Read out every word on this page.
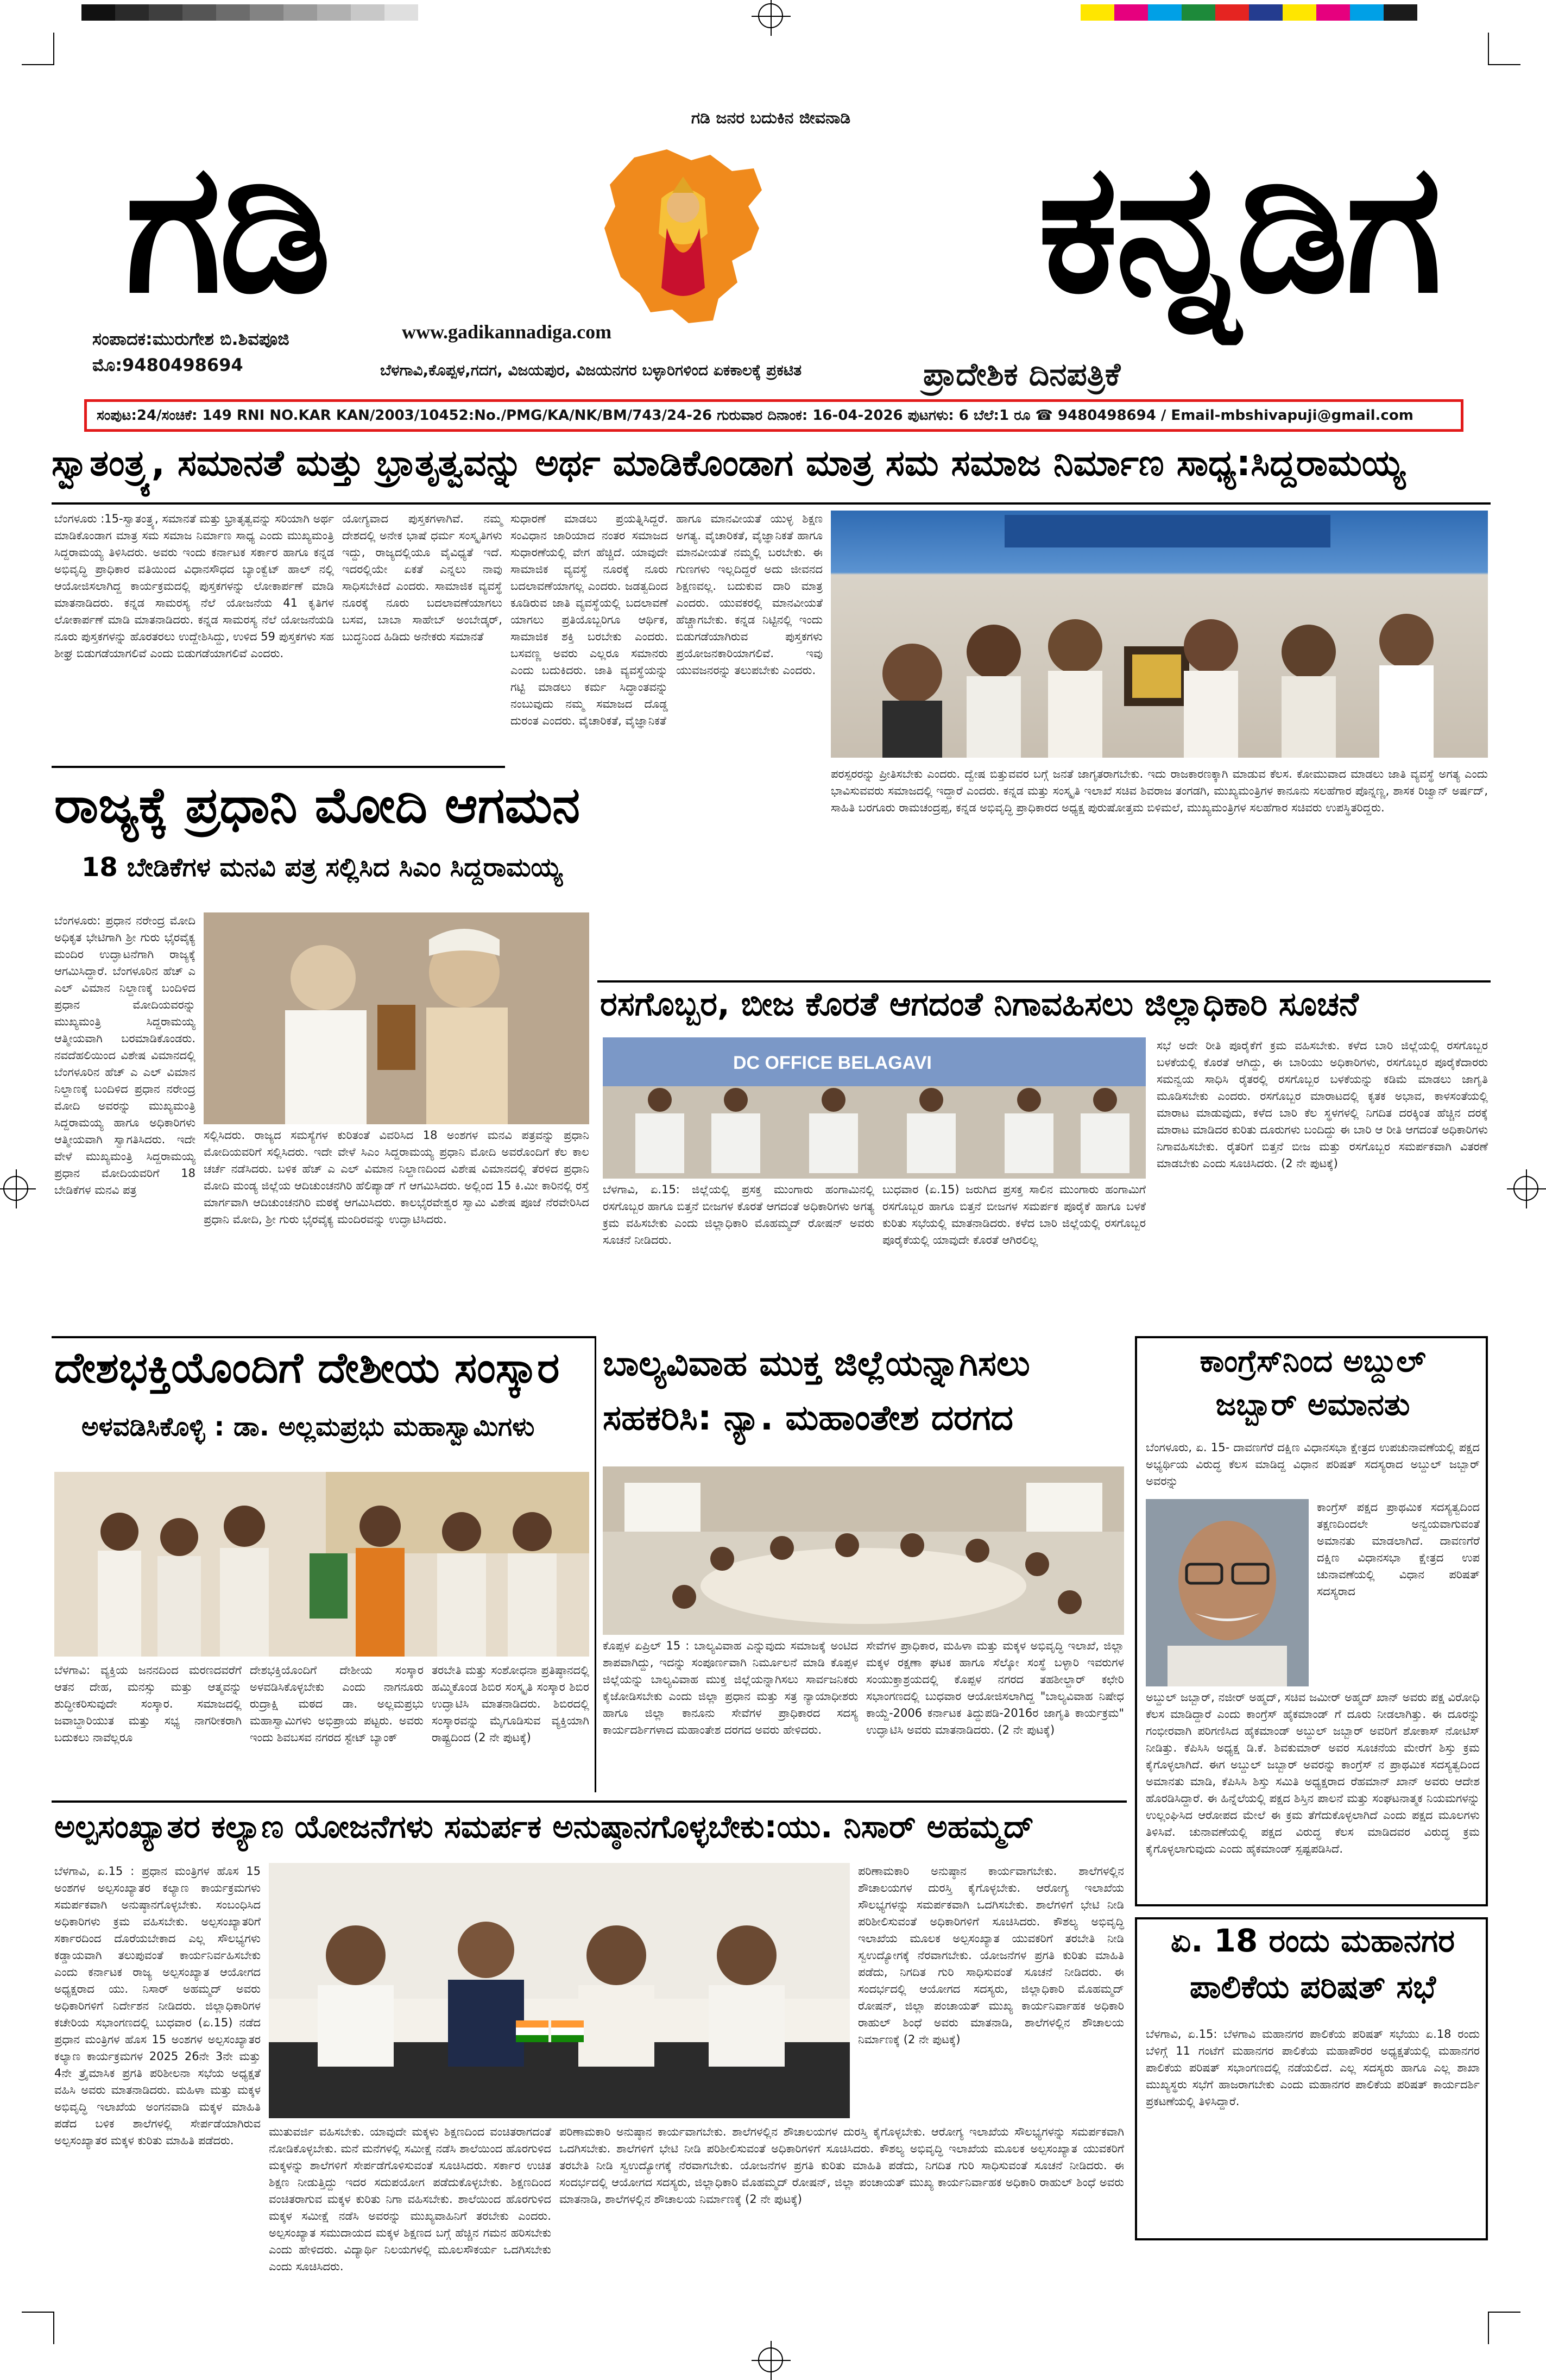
ಗಡಿ ಜನರ ಬದುಕಿನ ಜೀವನಾಡಿ
ಗಡಿ	ಕನ್ನಡಿಗ
ಸಂಪಾದಕ:ಮುರುಗೇಶ ಬಿ.ಶಿವಪೂಜಿ
ಮೊ:9480498694
www.gadikannadiga.com
ಬೆಳಗಾವಿ,ಕೊಪ್ಪಳ,ಗದಗ, ವಿಜಯಪುರ, ವಿಜಯನಗರ ಬಳ್ಳಾರಿಗಳಿಂದ ಏಕಕಾಲಕ್ಕೆ ಪ್ರಕಟಿತ	ಪ್ರಾದೇಶಿಕ ದಿನಪತ್ರಿಕೆ
ಸಂಪುಟ:24/ಸಂಚಿಕೆ: 149 RNI NO.KAR KAN/2003/10452:No./PMG/KA/NK/BM/743/24-26 ಗುರುವಾರ ದಿನಾಂಕ: 16-04-2026 ಪುಟಗಳು: 6 ಬೆಲೆ:1 ರೂ ☎ 9480498694 / Email-mbshivapuji@gmail.com
ಸ್ವಾತಂತ್ರ್ಯ, ಸಮಾನತೆ ಮತ್ತು ಭ್ರಾತೃತ್ವವನ್ನು ಅರ್ಥ ಮಾಡಿಕೊಂಡಾಗ ಮಾತ್ರ ಸಮ ಸಮಾಜ ನಿರ್ಮಾಣ ಸಾಧ್ಯ:ಸಿದ್ದರಾಮಯ್ಯ
ಬೆಂಗಳೂರು :15-ಸ್ವಾತಂತ್ರ್ಯ, ಸಮಾನತೆ ಮತ್ತು ಭ್ರಾತೃತ್ವವನ್ನು ಸರಿಯಾಗಿ ಅರ್ಥ ಮಾಡಿಕೊಂಡಾಗ ಮಾತ್ರ ಸಮ ಸಮಾಜ ನಿರ್ಮಾಣ ಸಾಧ್ಯ ಎಂದು ಮುಖ್ಯಮಂತ್ರಿ ಸಿದ್ದರಾಮಯ್ಯ ತಿಳಿಸಿದರು. ಅವರು ಇಂದು ಕರ್ನಾಟಕ ಸರ್ಕಾರ ಹಾಗೂ ಕನ್ನಡ ಅಭಿವೃದ್ಧಿ ಪ್ರಾಧಿಕಾರ ವತಿಯಿಂದ ವಿಧಾನಸೌಧದ ಬ್ಯಾಂಕ್ವೆಟ್ ಹಾಲ್ ನಲ್ಲಿ ಆಯೋಜಿಸಲಾಗಿದ್ದ ಕಾರ್ಯಕ್ರಮದಲ್ಲಿ ಪುಸ್ತಕಗಳನ್ನು ಲೋಕಾರ್ಪಣೆ ಮಾಡಿ ಮಾತನಾಡಿದರು. ಕನ್ನಡ ಸಾಮರಸ್ಯ ನೆಲೆ ಯೋಜನೆಯ 41 ಕೃತಿಗಳ ಲೋಕಾರ್ಪಣೆ ಮಾಡಿ ಮಾತನಾಡಿದರು. ಕನ್ನಡ ಸಾಮರಸ್ಯ ನೆಲೆ ಯೋಜನೆಯಡಿ ನೂರು ಪುಸ್ತಕಗಳನ್ನು ಹೊರತರಲು ಉದ್ದೇಶಿಸಿದ್ದು, ಉಳಿದ 59 ಪುಸ್ತಕಗಳು ಸಹ ಶೀಘ್ರ ಬಿಡುಗಡೆಯಾಗಲಿವೆ ಎಂದು ಬಿಡುಗಡೆಯಾಗಲಿವೆ ಎಂದರು.
ಯೋಗ್ಯವಾದ ಪುಸ್ತಕಗಳಾಗಿವೆ. ನಮ್ಮ ದೇಶದಲ್ಲಿ ಅನೇಕ ಭಾಷೆ ಧರ್ಮ ಸಂಸ್ಕೃತಿಗಳು ಇದ್ದು, ರಾಜ್ಯದಲ್ಲಿಯೂ ವೈವಿಧ್ಯತೆ ಇದೆ. ಇದರಲ್ಲಿಯೇ ಏಕತೆ ಎನ್ನಲು ನಾವು ಸಾಧಿಸಬೇಕಿದೆ ಎಂದರು. ಸಾಮಾಜಿಕ ವ್ಯವಸ್ಥೆ ನೂರಕ್ಕೆ ನೂರು ಬದಲಾವಣೆಯಾಗಲು ಬಸವ, ಬಾಬಾ ಸಾಹೇಬ್ ಅಂಬೇಡ್ಕರ್, ಬುದ್ಧನಿಂದ ಹಿಡಿದು ಅನೇಕರು ಸಮಾನತೆ
ಸುಧಾರಣೆ ಮಾಡಲು ಪ್ರಯತ್ನಿಸಿದ್ದರೆ. ಸಂವಿಧಾನ ಜಾರಿಯಾದ ನಂತರ ಸಮಾಜದ ಸುಧಾರಣೆಯಲ್ಲಿ ವೇಗ ಹೆಚ್ಚಿದೆ. ಯಾವುದೇ ಸಾಮಾಜಿಕ ವ್ಯವಸ್ಥೆ ನೂರಕ್ಕೆ ನೂರು ಬದಲಾವಣೆಯಾಗಲ್ಲ ಎಂದರು. ಜಡತ್ವದಿಂದ ಕೂಡಿರುವ ಜಾತಿ ವ್ಯವಸ್ಥೆಯಲ್ಲಿ ಬದಲಾವಣೆ ಯಾಗಲು ಪ್ರತಿಯೊಬ್ಬರಿಗೂ ಆರ್ಥಿಕ, ಸಾಮಾಜಿಕ ಶಕ್ತಿ ಬರಬೇಕು ಎಂದರು. ಬಸವಣ್ಣ ಅವರು ಎಲ್ಲರೂ ಸಮಾನರು ಎಂದು ಬದುಕಿದರು. ಜಾತಿ ವ್ಯವಸ್ಥೆಯನ್ನು ಗಟ್ಟಿ ಮಾಡಲು ಕರ್ಮ ಸಿದ್ಧಾಂತವನ್ನು ನಂಬುವುದು ನಮ್ಮ ಸಮಾಜದ ದೊಡ್ಡ ದುರಂತ ಎಂದರು. ವೈಚಾರಿಕತೆ, ವೈಜ್ಞಾನಿಕತೆ
ಹಾಗೂ ಮಾನವೀಯತೆ ಯುಳ್ಳ ಶಿಕ್ಷಣ ಅಗತ್ಯ. ವೈಚಾರಿಕತೆ, ವೈಜ್ಞಾನಿಕತೆ ಹಾಗೂ ಮಾನವೀಯತೆ ನಮ್ಮಲ್ಲಿ ಬರಬೇಕು. ಈ ಗುಣಗಳು ಇಲ್ಲದಿದ್ದರೆ ಅದು ಜೀವನದ ಶಿಕ್ಷಣವಲ್ಲ. ಬದುಕುವ ದಾರಿ ಮಾತ್ರ ಎಂದರು. ಯುವಕರಲ್ಲಿ ಮಾನವೀಯತೆ ಹೆಚ್ಚಾಗಬೇಕು. ಕನ್ನಡ ನಿಟ್ಟಿನಲ್ಲಿ ಇಂದು ಬಿಡುಗಡೆಯಾಗಿರುವ ಪುಸ್ತಕಗಳು ಪ್ರಯೋಜನಕಾರಿಯಾಗಲಿವೆ. ಇವು ಯುವಜನರನ್ನು ತಲುಪಬೇಕು ಎಂದರು.
ಪರಸ್ಪರರನ್ನು ಪ್ರೀತಿಸಬೇಕು ಎಂದರು. ದ್ವೇಷ ಬಿತ್ತುವವರ ಬಗ್ಗೆ ಜನತೆ ಜಾಗೃತರಾಗಬೇಕು. ಇದು ರಾಜಕಾರಣಕ್ಕಾಗಿ ಮಾಡುವ ಕೆಲಸ. ಕೋಮುವಾದ ಮಾಡಲು ಜಾತಿ ವ್ಯವಸ್ಥೆ ಅಗತ್ಯ ಎಂದು ಭಾವಿಸುವವರು ಸಮಾಜದಲ್ಲಿ ಇದ್ದಾರೆ ಎಂದರು. ಕನ್ನಡ ಮತ್ತು ಸಂಸ್ಕೃತಿ ಇಲಾಖೆ ಸಚಿವ ಶಿವರಾಜ ತಂಗಡಗಿ, ಮುಖ್ಯಮಂತ್ರಿಗಳ ಕಾನೂನು ಸಲಹೆಗಾರ ಪೊನ್ನಣ್ಣ, ಶಾಸಕ ರಿಜ್ವಾನ್ ಅರ್ಷದ್, ಸಾಹಿತಿ ಬರಗೂರು ರಾಮಚಂದ್ರಪ್ಪ, ಕನ್ನಡ ಅಭಿವೃದ್ಧಿ ಪ್ರಾಧಿಕಾರದ ಅಧ್ಯಕ್ಷ ಪುರುಷೋತ್ತಮ ಬಿಳಿಮಲೆ, ಮುಖ್ಯಮಂತ್ರಿಗಳ ಸಲಹೆಗಾರ ಸಚಿವರು ಉಪಸ್ಥಿತರಿದ್ದರು.
ರಾಜ್ಯಕ್ಕೆ ಪ್ರಧಾನಿ ಮೋದಿ ಆಗಮನ
18 ಬೇಡಿಕೆಗಳ ಮನವಿ ಪತ್ರ ಸಲ್ಲಿಸಿದ ಸಿಎಂ ಸಿದ್ದರಾಮಯ್ಯ
ಬೆಂಗಳೂರು: ಪ್ರಧಾನ ನರೇಂದ್ರ ಮೋದಿ ಅಧಿಕೃತ ಭೇಟಿಗಾಗಿ ಶ್ರೀ ಗುರು ಭೈರವೈಕ್ಯ ಮಂದಿರ ಉದ್ಘಾಟನೆಗಾಗಿ ರಾಜ್ಯಕ್ಕೆ ಆಗಮಿಸಿದ್ದಾರೆ. ಬೆಂಗಳೂರಿನ ಹೆಚ್ ಎ ಎಲ್ ವಿಮಾನ ನಿಲ್ದಾಣಕ್ಕೆ ಬಂದಿಳಿದ ಪ್ರಧಾನ ಮೋದಿಯವರನ್ನು ಮುಖ್ಯಮಂತ್ರಿ ಸಿದ್ದರಾಮಯ್ಯ ಆತ್ಮೀಯವಾಗಿ ಬರಮಾಡಿಕೊಂಡರು. ನವದೆಹಲಿಯಿಂದ ವಿಶೇಷ ವಿಮಾನದಲ್ಲಿ ಬೆಂಗಳೂರಿನ ಹೆಚ್ ಎ ಎಲ್ ವಿಮಾನ ನಿಲ್ದಾಣಕ್ಕೆ ಬಂದಿಳಿದ ಪ್ರಧಾನ ನರೇಂದ್ರ ಮೋದಿ ಅವರನ್ನು ಮುಖ್ಯಮಂತ್ರಿ ಸಿದ್ದರಾಮಯ್ಯ ಹಾಗೂ ಅಧಿಕಾರಿಗಳು ಆತ್ಮೀಯವಾಗಿ ಸ್ವಾಗತಿಸಿದರು. ಇದೇ ವೇಳೆ ಮುಖ್ಯಮಂತ್ರಿ ಸಿದ್ದರಾಮಯ್ಯ ಪ್ರಧಾನ ಮೋದಿಯವರಿಗೆ 18 ಬೇಡಿಕೆಗಳ ಮನವಿ ಪತ್ರ
ಸಲ್ಲಿಸಿದರು. ರಾಜ್ಯದ ಸಮಸ್ಯೆಗಳ ಕುರಿತಂತೆ ವಿವರಿಸಿದ 18 ಅಂಶಗಳ ಮನವಿ ಪತ್ರವನ್ನು ಪ್ರಧಾನಿ ಮೋದಿಯವರಿಗೆ ಸಲ್ಲಿಸಿದರು. ಇದೇ ವೇಳೆ ಸಿಎಂ ಸಿದ್ದರಾಮಯ್ಯ ಪ್ರಧಾನಿ ಮೋದಿ ಅವರೊಂದಿಗೆ ಕೆಲ ಕಾಲ ಚರ್ಚೆ ನಡೆಸಿದರು. ಬಳಿಕ ಹೆಚ್ ಎ ಎಲ್ ವಿಮಾನ ನಿಲ್ದಾಣದಿಂದ ವಿಶೇಷ ವಿಮಾನದಲ್ಲಿ ತೆರಳಿದ ಪ್ರಧಾನಿ ಮೋದಿ ಮಂಡ್ಯ ಜಿಲ್ಲೆಯ ಆದಿಚುಂಚನಗಿರಿ ಹೆಲಿಪ್ಯಾಡ್ ಗೆ ಆಗಮಿಸಿದರು. ಅಲ್ಲಿಂದ 15 ಕಿ.ಮೀ ಕಾರಿನಲ್ಲಿ ರಸ್ತೆ ಮಾರ್ಗವಾಗಿ ಆದಿಚುಂಚನಗಿರಿ ಮಠಕ್ಕೆ ಆಗಮಿಸಿದರು. ಕಾಲಭೈರವೇಶ್ವರ ಸ್ವಾಮಿ ವಿಶೇಷ ಪೂಜೆ ನೆರವೇರಿಸಿದ ಪ್ರಧಾನಿ ಮೋದಿ, ಶ್ರೀ ಗುರು ಭೈರವೈಕ್ಯ ಮಂದಿರವನ್ನು ಉದ್ಘಾಟಿಸಿದರು.
ರಸಗೊಬ್ಬರ, ಬೀಜ ಕೊರತೆ ಆಗದಂತೆ ನಿಗಾವಹಿಸಲು ಜಿಲ್ಲಾಧಿಕಾರಿ ಸೂಚನೆ
DC OFFICE BELAGAVI
ಬೆಳಗಾವಿ, ಏ.15: ಜಿಲ್ಲೆಯಲ್ಲಿ ಪ್ರಸಕ್ತ ಮುಂಗಾರು ಹಂಗಾಮಿನಲ್ಲಿ ರಸಗೊಬ್ಬರ ಹಾಗೂ ಬಿತ್ತನೆ ಬೀಜಗಳ ಕೊರತೆ ಆಗದಂತೆ ಅಧಿಕಾರಿಗಳು ಅಗತ್ಯ ಕ್ರಮ ವಹಿಸಬೇಕು ಎಂದು ಜಿಲ್ಲಾಧಿಕಾರಿ ಮೊಹಮ್ಮದ್ ರೋಷನ್ ಅವರು ಸೂಚನೆ ನೀಡಿದರು.
ಬುಧವಾರ (ಏ.15) ಜರುಗಿದ ಪ್ರಸಕ್ತ ಸಾಲಿನ ಮುಂಗಾರು ಹಂಗಾಮಿಗೆ ರಸಗೊಬ್ಬರ ಹಾಗೂ ಬಿತ್ತನೆ ಬೀಜಗಳ ಸಮರ್ಪಕ ಪೂರೈಕೆ ಹಾಗೂ ಬಳಕೆ ಕುರಿತು ಸಭೆಯಲ್ಲಿ ಮಾತನಾಡಿದರು. ಕಳೆದ ಬಾರಿ ಜಿಲ್ಲೆಯಲ್ಲಿ ರಸಗೊಬ್ಬರ ಪೂರೈಕೆಯಲ್ಲಿ ಯಾವುದೇ ಕೊರತೆ ಆಗಿರಲಿಲ್ಲ
ಸಭೆ ಅದೇ ರೀತಿ ಪೂರೈಕೆಗೆ ಕ್ರಮ ವಹಿಸಬೇಕು. ಕಳೆದ ಬಾರಿ ಜಿಲ್ಲೆಯಲ್ಲಿ ರಸಗೊಬ್ಬರ ಬಳಕೆಯಲ್ಲಿ ಕೊರತೆ ಆಗಿದ್ದು, ಈ ಬಾರಿಯು ಅಧಿಕಾರಿಗಳು, ರಸಗೊಬ್ಬರ ಪೂರೈಕೆದಾರರು ಸಮನ್ವಯ ಸಾಧಿಸಿ ರೈತರಲ್ಲಿ ರಸಗೊಬ್ಬರ ಬಳಕೆಯನ್ನು ಕಡಿಮೆ ಮಾಡಲು ಜಾಗೃತಿ ಮೂಡಿಸಬೇಕು ಎಂದರು. ರಸಗೊಬ್ಬರ ಮಾರಾಟದಲ್ಲಿ ಕೃತಕ ಅಭಾವ, ಕಾಳಸಂತೆಯಲ್ಲಿ ಮಾರಾಟ ಮಾಡುವುದು, ಕಳೆದ ಬಾರಿ ಕೆಲ ಸ್ಥಳಗಳಲ್ಲಿ ನಿಗದಿತ ದರಕ್ಕಿಂತ ಹೆಚ್ಚಿನ ದರಕ್ಕೆ ಮಾರಾಟ ಮಾಡಿದರ ಕುರಿತು ದೂರುಗಳು ಬಂದಿದ್ದು ಈ ಬಾರಿ ಆ ರೀತಿ ಆಗದಂತೆ ಅಧಿಕಾರಿಗಳು ನಿಗಾವಹಿಸಬೇಕು. ರೈತರಿಗೆ ಬಿತ್ತನೆ ಬೀಜ ಮತ್ತು ರಸಗೊಬ್ಬರ ಸಮರ್ಪಕವಾಗಿ ವಿತರಣೆ ಮಾಡಬೇಕು ಎಂದು ಸೂಚಿಸಿದರು. (2 ನೇ ಪುಟಕ್ಕೆ)
ದೇಶಭಕ್ತಿಯೊಂದಿಗೆ ದೇಶೀಯ ಸಂಸ್ಕಾರ
ಅಳವಡಿಸಿಕೊಳ್ಳಿ : ಡಾ. ಅಲ್ಲಮಪ್ರಭು ಮಹಾಸ್ವಾಮಿಗಳು
ಬೆಳಗಾವಿ: ವ್ಯಕ್ತಿಯ ಜನನದಿಂದ ಮರಣದವರೆಗೆ ಆತನ ದೇಹ, ಮನಸ್ಸು ಮತ್ತು ಆತ್ಮವನ್ನು ಶುದ್ಧೀಕರಿಸುವುದೇ ಸಂಸ್ಕಾರ. ಸಮಾಜದಲ್ಲಿ ಜವಾಬ್ದಾರಿಯುತ ಮತ್ತು ಸಭ್ಯ ನಾಗರೀಕರಾಗಿ ಬದುಕಲು ನಾವೆಲ್ಲರೂ
ದೇಶಭಕ್ತಿಯೊಂದಿಗೆ ದೇಶೀಯ ಸಂಸ್ಕಾರ ಅಳವಡಿಸಿಕೊಳ್ಳಬೇಕು ಎಂದು ನಾಗನೂರು ರುದ್ರಾಕ್ಷಿ ಮಠದ ಡಾ. ಅಲ್ಲಮಪ್ರಭು ಮಹಾಸ್ವಾಮಿಗಳು ಅಭಿಪ್ರಾಯ ಪಟ್ಟರು. ಅವರು ಇಂದು ಶಿವಬಸವ ನಗರದ ಸ್ಟೇಟ್ ಬ್ಯಾಂಕ್
ತರಬೇತಿ ಮತ್ತು ಸಂಶೋಧನಾ ಪ್ರತಿಷ್ಠಾನದಲ್ಲಿ ಹಮ್ಮಿಕೊಂಡ ಶಿಬಿರ ಸಂಸ್ಕೃತಿ ಸಂಸ್ಕಾರ ಶಿಬಿರ ಉದ್ಘಾಟಿಸಿ ಮಾತನಾಡಿದರು. ಶಿಬಿರದಲ್ಲಿ ಸಂಸ್ಕಾರವನ್ನು ಮೈಗೂಡಿಸುವ ವ್ಯಕ್ತಿಯಾಗಿ ರಾಷ್ಟ್ರದಿಂದ (2 ನೇ ಪುಟಕ್ಕೆ)
ಬಾಲ್ಯವಿವಾಹ ಮುಕ್ತ ಜಿಲ್ಲೆಯನ್ನಾಗಿಸಲು
ಸಹಕರಿಸಿ: ನ್ಯಾ. ಮಹಾಂತೇಶ ದರಗದ
ಕೊಪ್ಪಳ ಏಪ್ರಿಲ್ 15 : ಬಾಲ್ಯವಿವಾಹ ಎನ್ನುವುದು ಸಮಾಜಕ್ಕೆ ಅಂಟಿದ ಶಾಪವಾಗಿದ್ದು, ಇದನ್ನು ಸಂಪೂರ್ಣವಾಗಿ ನಿರ್ಮೂಲನೆ ಮಾಡಿ ಕೊಪ್ಪಳ ಜಿಲ್ಲೆಯನ್ನು ಬಾಲ್ಯವಿವಾಹ ಮುಕ್ತ ಜಿಲ್ಲೆಯನ್ನಾಗಿಸಲು ಸಾರ್ವಜನಿಕರು ಕೈಜೋಡಿಸಬೇಕು ಎಂದು ಜಿಲ್ಲಾ ಪ್ರಧಾನ ಮತ್ತು ಸತ್ರ ನ್ಯಾಯಾಧೀಶರು ಹಾಗೂ ಜಿಲ್ಲಾ ಕಾನೂನು ಸೇವೆಗಳ ಪ್ರಾಧಿಕಾರದ ಸದಸ್ಯ ಕಾರ್ಯದರ್ಶಿಗಳಾದ ಮಹಾಂತೇಶ ದರಗದ ಅವರು ಹೇಳಿದರು.
ಸೇವೆಗಳ ಪ್ರಾಧಿಕಾರ, ಮಹಿಳಾ ಮತ್ತು ಮಕ್ಕಳ ಅಭಿವೃದ್ಧಿ ಇಲಾಖೆ, ಜಿಲ್ಲಾ ಮಕ್ಕಳ ರಕ್ಷಣಾ ಘಟಕ ಹಾಗೂ ಸೆಲ್ಕೋ ಸಂಸ್ಥೆ ಬಳ್ಳಾರಿ ಇವರುಗಳ ಸಂಯುಕ್ತಾಶ್ರಯದಲ್ಲಿ ಕೊಪ್ಪಳ ನಗರದ ತಹಶೀಲ್ದಾರ್ ಕಛೇರಿ ಸಭಾಂಗಣದಲ್ಲಿ ಬುಧವಾರ ಆಯೋಜಿಸಲಾಗಿದ್ದ "ಬಾಲ್ಯವಿವಾಹ ನಿಷೇಧ ಕಾಯ್ದೆ-2006 ಕರ್ನಾಟಕ ತಿದ್ದುಪಡಿ-2016ರ ಜಾಗೃತಿ ಕಾರ್ಯಕ್ರಮ" ಉದ್ಘಾಟಿಸಿ ಅವರು ಮಾತನಾಡಿದರು. (2 ನೇ ಪುಟಕ್ಕೆ)
ಕಾಂಗ್ರೆಸ್‌ನಿಂದ ಅಬ್ದುಲ್
ಜಬ್ಬಾರ್ ಅಮಾನತು
ಬೆಂಗಳೂರು, ಏ. 15- ದಾವಣಗೆರೆ ದಕ್ಷಿಣ ವಿಧಾನಸಭಾ ಕ್ಷೇತ್ರದ ಉಪಚುನಾವಣೆಯಲ್ಲಿ ಪಕ್ಷದ ಅಭ್ಯರ್ಥಿಯ ವಿರುದ್ಧ ಕೆಲಸ ಮಾಡಿದ್ದ ವಿಧಾನ ಪರಿಷತ್ ಸದಸ್ಯರಾದ ಅಬ್ದುಲ್ ಜಬ್ಬಾರ್ ಅವರನ್ನು
ಕಾಂಗ್ರೆಸ್ ಪಕ್ಷದ ಪ್ರಾಥಮಿಕ ಸದಸ್ಯತ್ವದಿಂದ ತಕ್ಷಣದಿಂದಲೇ ಅನ್ವಯವಾಗುವಂತೆ ಅಮಾನತು ಮಾಡಲಾಗಿದೆ. ದಾವಣಗೆರೆ ದಕ್ಷಿಣ ವಿಧಾನಸಭಾ ಕ್ಷೇತ್ರದ ಉಪ ಚುನಾವಣೆಯಲ್ಲಿ ವಿಧಾನ ಪರಿಷತ್ ಸದಸ್ಯರಾದ
ಅಬ್ದುಲ್ ಜಬ್ಬಾರ್, ನಜೀರ್ ಅಹ್ಮದ್, ಸಚಿವ ಜಮೀರ್ ಅಹ್ಮದ್ ಖಾನ್ ಅವರು ಪಕ್ಷ ವಿರೋಧಿ ಕೆಲಸ ಮಾಡಿದ್ದಾರೆ ಎಂದು ಕಾಂಗ್ರೆಸ್ ಹೈಕಮಾಂಡ್ ಗೆ ದೂರು ನೀಡಲಾಗಿತ್ತು. ಈ ದೂರನ್ನು ಗಂಭೀರವಾಗಿ ಪರಿಗಣಿಸಿದ ಹೈಕಮಾಂಡ್ ಅಬ್ದುಲ್ ಜಬ್ಬಾರ್ ಅವರಿಗೆ ಶೋಕಾಸ್ ನೋಟಿಸ್ ನೀಡಿತ್ತು. ಕೆಪಿಸಿಸಿ ಅಧ್ಯಕ್ಷ ಡಿ.ಕೆ. ಶಿವಕುಮಾರ್ ಅವರ ಸೂಚನೆಯ ಮೇರೆಗೆ ಶಿಸ್ತು ಕ್ರಮ ಕೈಗೊಳ್ಳಲಾಗಿದೆ. ಈಗ ಅಬ್ದುಲ್ ಜಬ್ಬಾರ್ ಅವರನ್ನು ಕಾಂಗ್ರೆಸ್ ನ ಪ್ರಾಥಮಿಕ ಸದಸ್ಯತ್ವದಿಂದ ಅಮಾನತು ಮಾಡಿ, ಕೆಪಿಸಿಸಿ ಶಿಸ್ತು ಸಮಿತಿ ಅಧ್ಯಕ್ಷರಾದ ರೆಹಮಾನ್ ಖಾನ್ ಅವರು ಆದೇಶ ಹೊರಡಿಸಿದ್ದಾರೆ. ಈ ಹಿನ್ನೆಲೆಯಲ್ಲಿ ಪಕ್ಷದ ಶಿಸ್ತಿನ ಪಾಲನೆ ಮತ್ತು ಸಂಘಟನಾತ್ಮಕ ನಿಯಮಗಳನ್ನು ಉಲ್ಲಂಘಿಸಿದ ಆರೋಪದ ಮೇಲೆ ಈ ಕ್ರಮ ತೆಗೆದುಕೊಳ್ಳಲಾಗಿದೆ ಎಂದು ಪಕ್ಷದ ಮೂಲಗಳು ತಿಳಿಸಿವೆ. ಚುನಾವಣೆಯಲ್ಲಿ ಪಕ್ಷದ ವಿರುದ್ಧ ಕೆಲಸ ಮಾಡಿದವರ ವಿರುದ್ಧ ಕ್ರಮ ಕೈಗೊಳ್ಳಲಾಗುವುದು ಎಂದು ಹೈಕಮಾಂಡ್ ಸ್ಪಷ್ಟಪಡಿಸಿದೆ.
ಏ. 18 ರಂದು ಮಹಾನಗರ
ಪಾಲಿಕೆಯ ಪರಿಷತ್ ಸಭೆ
ಬೆಳಗಾವಿ, ಏ.15: ಬೆಳಗಾವಿ ಮಹಾನಗರ ಪಾಲಿಕೆಯ ಪರಿಷತ್ ಸಭೆಯು ಏ.18 ರಂದು ಬೆಳಿಗ್ಗೆ 11 ಗಂಟೆಗೆ ಮಹಾನಗರ ಪಾಲಿಕೆಯ ಮಹಾಪೌರರ ಅಧ್ಯಕ್ಷತೆಯಲ್ಲಿ ಮಹಾನಗರ ಪಾಲಿಕೆಯ ಪರಿಷತ್ ಸಭಾಂಗಣದಲ್ಲಿ ನಡೆಯಲಿದೆ. ಎಲ್ಲ ಸದಸ್ಯರು ಹಾಗೂ ಎಲ್ಲ ಶಾಖಾ ಮುಖ್ಯಸ್ಥರು ಸಭೆಗೆ ಹಾಜರಾಗಬೇಕು ಎಂದು ಮಹಾನಗರ ಪಾಲಿಕೆಯ ಪರಿಷತ್ ಕಾರ್ಯದರ್ಶಿ ಪ್ರಕಟಣೆಯಲ್ಲಿ ತಿಳಿಸಿದ್ದಾರೆ.
ಅಲ್ಪಸಂಖ್ಯಾತರ ಕಲ್ಯಾಣ ಯೋಜನೆಗಳು ಸಮರ್ಪಕ ಅನುಷ್ಠಾನಗೊಳ್ಳಬೇಕು:ಯು. ನಿಸಾರ್ ಅಹಮ್ಮದ್
ಬೆಳಗಾವಿ, ಏ.15 : ಪ್ರಧಾನ ಮಂತ್ರಿಗಳ ಹೊಸ 15 ಅಂಶಗಳ ಅಲ್ಪಸಂಖ್ಯಾತರ ಕಲ್ಯಾಣ ಕಾರ್ಯಕ್ರಮಗಳು ಸಮರ್ಪಕವಾಗಿ ಅನುಷ್ಠಾನಗೊಳ್ಳಬೇಕು. ಸಂಬಂಧಿಸಿದ ಅಧಿಕಾರಿಗಳು ಕ್ರಮ ವಹಿಸಬೇಕು. ಅಲ್ಪಸಂಖ್ಯಾತರಿಗೆ ಸರ್ಕಾರದಿಂದ ದೊರೆಯಬೇಕಾದ ಎಲ್ಲ ಸೌಲಭ್ಯಗಳು ಕಡ್ಡಾಯವಾಗಿ ತಲುಪುವಂತೆ ಕಾರ್ಯನಿರ್ವಹಿಸಬೇಕು ಎಂದು ಕರ್ನಾಟಕ ರಾಜ್ಯ ಅಲ್ಪಸಂಖ್ಯಾತ ಆಯೋಗದ ಅಧ್ಯಕ್ಷರಾದ ಯು. ನಿಸಾರ್ ಅಹಮ್ಮದ್ ಅವರು ಅಧಿಕಾರಿಗಳಿಗೆ ನಿರ್ದೇಶನ ನೀಡಿದರು. ಜಿಲ್ಲಾಧಿಕಾರಿಗಳ ಕಚೇರಿಯ ಸಭಾಂಗಣದಲ್ಲಿ ಬುಧವಾರ (ಏ.15) ನಡೆದ ಪ್ರಧಾನ ಮಂತ್ರಿಗಳ ಹೊಸ 15 ಅಂಶಗಳ ಅಲ್ಪಸಂಖ್ಯಾತರ ಕಲ್ಯಾಣ ಕಾರ್ಯಕ್ರಮಗಳ 2025 26ನೇ 3ನೇ ಮತ್ತು 4ನೇ ತ್ರೈಮಾಸಿಕ ಪ್ರಗತಿ ಪರಿಶೀಲನಾ ಸಭೆಯ ಅಧ್ಯಕ್ಷತೆ ವಹಿಸಿ ಅವರು ಮಾತನಾಡಿದರು. ಮಹಿಳಾ ಮತ್ತು ಮಕ್ಕಳ ಅಭಿವೃದ್ಧಿ ಇಲಾಖೆಯ ಅಂಗನವಾಡಿ ಮಕ್ಕಳ ಮಾಹಿತಿ ಪಡೆದ ಬಳಿಕ ಶಾಲೆಗಳಲ್ಲಿ ಸೇರ್ಪಡೆಯಾಗಿರುವ ಅಲ್ಪಸಂಖ್ಯಾತರ ಮಕ್ಕಳ ಕುರಿತು ಮಾಹಿತಿ ಪಡೆದರು.
ಮುತುವರ್ಜಿ ವಹಿಸಬೇಕು. ಯಾವುದೇ ಮಕ್ಕಳು ಶಿಕ್ಷಣದಿಂದ ವಂಚಿತರಾಗದಂತೆ ನೋಡಿಕೊಳ್ಳಬೇಕು. ಮನೆ ಮನೆಗಳಲ್ಲಿ ಸಮೀಕ್ಷೆ ನಡೆಸಿ ಶಾಲೆಯಿಂದ ಹೊರಗುಳಿದ ಮಕ್ಕಳನ್ನು ಶಾಲೆಗಳಿಗೆ ಸೇರ್ಪಡೆಗೊಳಿಸುವಂತೆ ಸೂಚಿಸಿದರು. ಸರ್ಕಾರ ಉಚಿತ ಶಿಕ್ಷಣ ನೀಡುತ್ತಿದ್ದು ಇದರ ಸದುಪಯೋಗ ಪಡೆದುಕೊಳ್ಳಬೇಕು. ಶಿಕ್ಷಣದಿಂದ ವಂಚಿತರಾಗುವ ಮಕ್ಕಳ ಕುರಿತು ನಿಗಾ ವಹಿಸಬೇಕು. ಶಾಲೆಯಿಂದ ಹೊರಗುಳಿದ ಮಕ್ಕಳ ಸಮೀಕ್ಷೆ ನಡೆಸಿ ಅವರನ್ನು ಮುಖ್ಯವಾಹಿನಿಗೆ ತರಬೇಕು ಎಂದರು. ಅಲ್ಪಸಂಖ್ಯಾತ ಸಮುದಾಯದ ಮಕ್ಕಳ ಶಿಕ್ಷಣದ ಬಗ್ಗೆ ಹೆಚ್ಚಿನ ಗಮನ ಹರಿಸಬೇಕು ಎಂದು ಹೇಳಿದರು. ವಿದ್ಯಾರ್ಥಿ ನಿಲಯಗಳಲ್ಲಿ ಮೂಲಸೌಕರ್ಯ ಒದಗಿಸಬೇಕು ಎಂದು ಸೂಚಿಸಿದರು.
ಪರಿಣಾಮಕಾರಿ ಅನುಷ್ಠಾನ ಕಾರ್ಯವಾಗಬೇಕು. ಶಾಲೆಗಳಲ್ಲಿನ ಶೌಚಾಲಯಗಳ ದುರಸ್ತಿ ಕೈಗೊಳ್ಳಬೇಕು. ಆರೋಗ್ಯ ಇಲಾಖೆಯ ಸೌಲಭ್ಯಗಳನ್ನು ಸಮರ್ಪಕವಾಗಿ ಒದಗಿಸಬೇಕು. ಶಾಲೆಗಳಿಗೆ ಭೇಟಿ ನೀಡಿ ಪರಿಶೀಲಿಸುವಂತೆ ಅಧಿಕಾರಿಗಳಿಗೆ ಸೂಚಿಸಿದರು. ಕೌಶಲ್ಯ ಅಭಿವೃದ್ಧಿ ಇಲಾಖೆಯ ಮೂಲಕ ಅಲ್ಪಸಂಖ್ಯಾತ ಯುವಕರಿಗೆ ತರಬೇತಿ ನೀಡಿ ಸ್ವಉದ್ಯೋಗಕ್ಕೆ ನೆರವಾಗಬೇಕು. ಯೋಜನೆಗಳ ಪ್ರಗತಿ ಕುರಿತು ಮಾಹಿತಿ ಪಡೆದು, ನಿಗದಿತ ಗುರಿ ಸಾಧಿಸುವಂತೆ ಸೂಚನೆ ನೀಡಿದರು. ಈ ಸಂದರ್ಭದಲ್ಲಿ ಆಯೋಗದ ಸದಸ್ಯರು, ಜಿಲ್ಲಾಧಿಕಾರಿ ಮೊಹಮ್ಮದ್ ರೋಷನ್, ಜಿಲ್ಲಾ ಪಂಚಾಯತ್ ಮುಖ್ಯ ಕಾರ್ಯನಿರ್ವಾಹಕ ಅಧಿಕಾರಿ ರಾಹುಲ್ ಶಿಂಧೆ ಅವರು ಮಾತನಾಡಿ, ಶಾಲೆಗಳಲ್ಲಿನ ಶೌಚಾಲಯ ನಿರ್ಮಾಣಕ್ಕೆ (2 ನೇ ಪುಟಕ್ಕೆ)
ಪರಿಣಾಮಕಾರಿ ಅನುಷ್ಠಾನ ಕಾರ್ಯವಾಗಬೇಕು. ಶಾಲೆಗಳಲ್ಲಿನ ಶೌಚಾಲಯಗಳ ದುರಸ್ತಿ ಕೈಗೊಳ್ಳಬೇಕು. ಆರೋಗ್ಯ ಇಲಾಖೆಯ ಸೌಲಭ್ಯಗಳನ್ನು ಸಮರ್ಪಕವಾಗಿ ಒದಗಿಸಬೇಕು. ಶಾಲೆಗಳಿಗೆ ಭೇಟಿ ನೀಡಿ ಪರಿಶೀಲಿಸುವಂತೆ ಅಧಿಕಾರಿಗಳಿಗೆ ಸೂಚಿಸಿದರು. ಕೌಶಲ್ಯ ಅಭಿವೃದ್ಧಿ ಇಲಾಖೆಯ ಮೂಲಕ ಅಲ್ಪಸಂಖ್ಯಾತ ಯುವಕರಿಗೆ ತರಬೇತಿ ನೀಡಿ ಸ್ವಉದ್ಯೋಗಕ್ಕೆ ನೆರವಾಗಬೇಕು. ಯೋಜನೆಗಳ ಪ್ರಗತಿ ಕುರಿತು ಮಾಹಿತಿ ಪಡೆದು, ನಿಗದಿತ ಗುರಿ ಸಾಧಿಸುವಂತೆ ಸೂಚನೆ ನೀಡಿದರು. ಈ ಸಂದರ್ಭದಲ್ಲಿ ಆಯೋಗದ ಸದಸ್ಯರು, ಜಿಲ್ಲಾಧಿಕಾರಿ ಮೊಹಮ್ಮದ್ ರೋಷನ್, ಜಿಲ್ಲಾ ಪಂಚಾಯತ್ ಮುಖ್ಯ ಕಾರ್ಯನಿರ್ವಾಹಕ ಅಧಿಕಾರಿ ರಾಹುಲ್ ಶಿಂಧೆ ಅವರು ಮಾತನಾಡಿ, ಶಾಲೆಗಳಲ್ಲಿನ ಶೌಚಾಲಯ ನಿರ್ಮಾಣಕ್ಕೆ (2 ನೇ ಪುಟಕ್ಕೆ)
